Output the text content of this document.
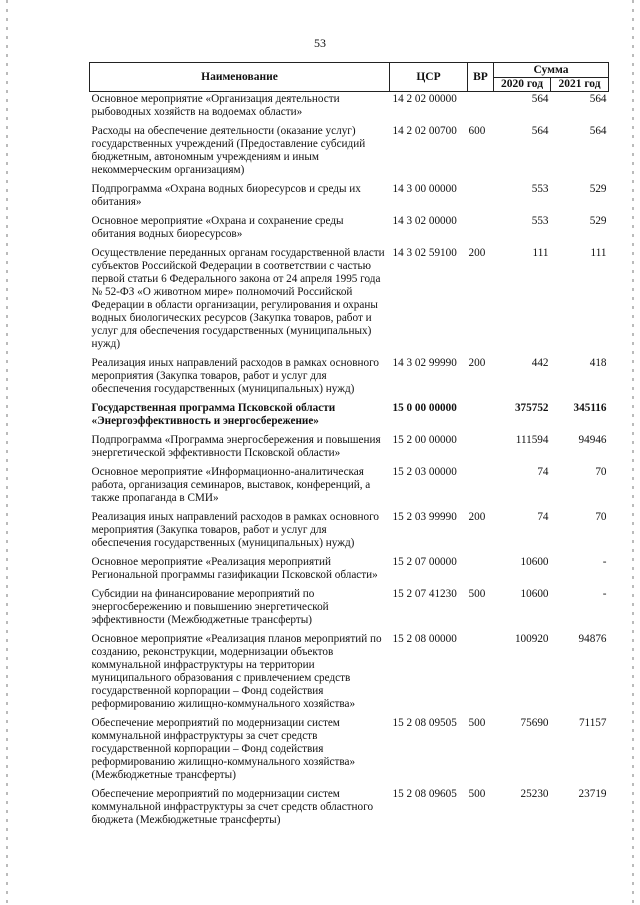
53
Наименование	ЦСР	ВР	Сумма	
			2020 год	2021 год
Основное мероприятие «Организация деятельности рыбоводных хозяйств на водоемах области»	14 2 02 00000		564	564
Расходы на обеспечение деятельности (оказание услуг) государственных учреждений (Предоставление субсидий бюджетным, автономным учреждениям и иным некоммерческим организациям)	14 2 02 00700	600	564	564
Подпрограмма «Охрана водных биоресурсов и среды их обитания»	14 3 00 00000		553	529
Основное мероприятие «Охрана и сохранение среды обитания водных биоресурсов»	14 3 02 00000		553	529
Осуществление переданных органам государственной власти субъектов Российской Федерации в соответствии с частью первой статьи 6 Федерального закона от 24 апреля 1995 года № 52-ФЗ «О животном мире» полномочий Российской Федерации в области организации, регулирования и охраны водных биологических ресурсов (Закупка товаров, работ и услуг для обеспечения государственных (муниципальных) нужд)	14 3 02 59100	200	111	111
Реализация иных направлений расходов в рамках основного мероприятия (Закупка товаров, работ и услуг для обеспечения государственных (муниципальных) нужд)	14 3 02 99990	200	442	418
Государственная программа Псковской области «Энергоэффективность и энергосбережение»	15 0 00 00000		375752	345116
Подпрограмма «Программа энергосбережения и повышения энергетической эффективности Псковской области»	15 2 00 00000		111594	94946
Основное мероприятие «Информационно-аналитическая работа, организация семинаров, выставок, конференций, а также пропаганда в СМИ»	15 2 03 00000		74	70
Реализация иных направлений расходов в рамках основного мероприятия (Закупка товаров, работ и услуг для обеспечения государственных (муниципальных) нужд)	15 2 03 99990	200	74	70
Основное мероприятие «Реализация мероприятий Региональной программы газификации Псковской области»	15 2 07 00000		10600	-
Субсидии на финансирование мероприятий по энергосбережению и повышению энергетической эффективности (Межбюджетные трансферты)	15 2 07 41230	500	10600	-
Основное мероприятие «Реализация планов мероприятий по созданию, реконструкции, модернизации объектов коммунальной инфраструктуры на территории муниципального образования с привлечением средств государственной корпорации – Фонд содействия реформированию жилищно-коммунального хозяйства»	15 2 08 00000		100920	94876
Обеспечение мероприятий по модернизации систем коммунальной инфраструктуры за счет средств государственной корпорации – Фонд содействия реформированию жилищно-коммунального хозяйства» (Межбюджетные трансферты)	15 2 08 09505	500	75690	71157
Обеспечение мероприятий по модернизации систем коммунальной инфраструктуры за счет средств областного бюджета (Межбюджетные трансферты)	15 2 08 09605	500	25230	23719
